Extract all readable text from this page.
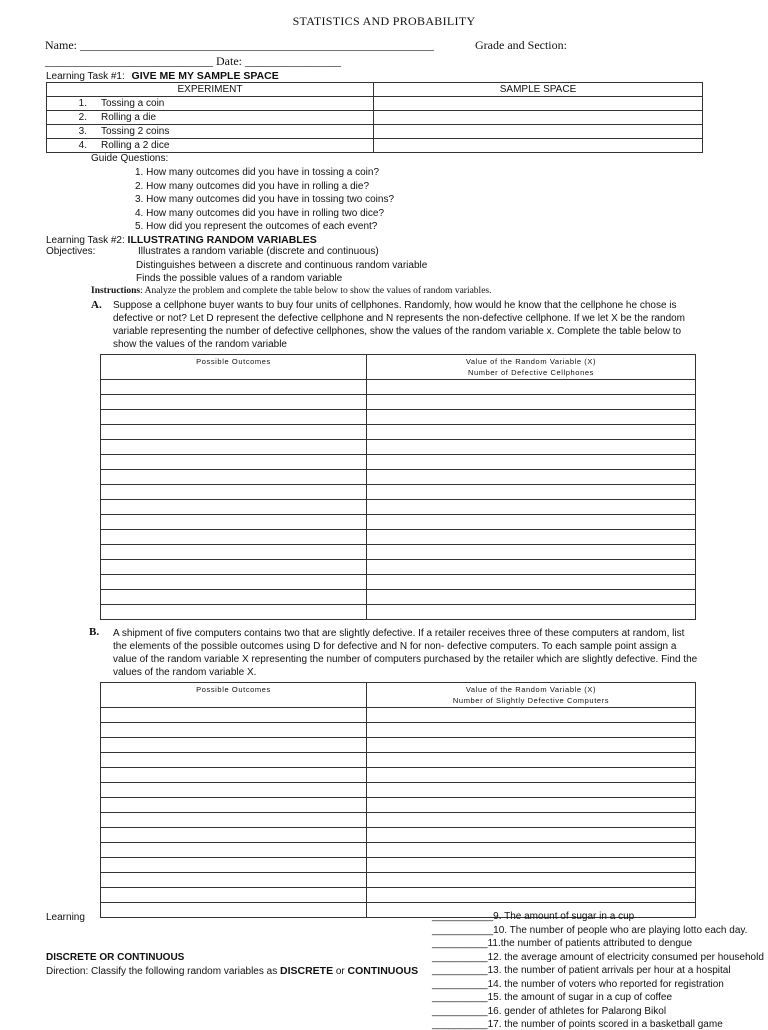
STATISTICS AND PROBABILITY
Name: ___________________________________________________________	Grade and Section:
____________________________ Date: ________________
Learning Task #1: GIVE ME MY SAMPLE SPACE
EXPERIMENT	SAMPLE SPACE
1. Tossing a coin	
2. Rolling a die	
3. Tossing 2 coins	
4. Rolling a 2 dice	
Guide Questions:
1. How many outcomes did you have in tossing a coin?
2. How many outcomes did you have in rolling a die?
3. How many outcomes did you have in tossing two coins?
4. How many outcomes did you have in rolling two dice?
5. How did you represent the outcomes of each event?
Learning Task #2: ILLUSTRATING RANDOM VARIABLES
Objectives:	Illustrates a random variable (discrete and continuous)
Distinguishes between a discrete and continuous random variable
Finds the possible values of a random variable
Instructions: Analyze the problem and complete the table below to show the values of random variables.
A. Suppose a cellphone buyer wants to buy four units of cellphones. Randomly, how would he know that the cellphone he chose is defective or not? Let D represent the defective cellphone and N represents the non-defective cellphone. If we let X be the random variable representing the number of defective cellphones, show the values of the random variable x. Complete the table below to show the values of the random variable
Possible Outcomes	Value of the Random Variable (X)
Number of Defective Cellphones

B. A shipment of five computers contains two that are slightly defective. If a retailer receives three of these computers at random, list the elements of the possible outcomes using D for defective and N for non- defective computers. To each sample point assign a value of the random variable X representing the number of computers purchased by the retailer which are slightly defective. Find the values of the random variable X.
Possible Outcomes	Value of the Random Variable (X)
Number of Slightly Defective Computers

Learning
DISCRETE OR CONTINUOUS
Direction: Classify the following random variables as DISCRETE or CONTINUOUS
___________9. The amount of sugar in a cup
___________10. The number of people who are playing lotto each day.
__________11.the number of patients attributed to dengue
__________12. the average amount of electricity consumed per household
__________13. the number of patient arrivals per hour at a hospital
__________14. the number of voters who reported for registration
__________15. the amount of sugar in a cup of coffee
__________16. gender of athletes for Palarong Bikol
__________17. the number of points scored in a basketball game
